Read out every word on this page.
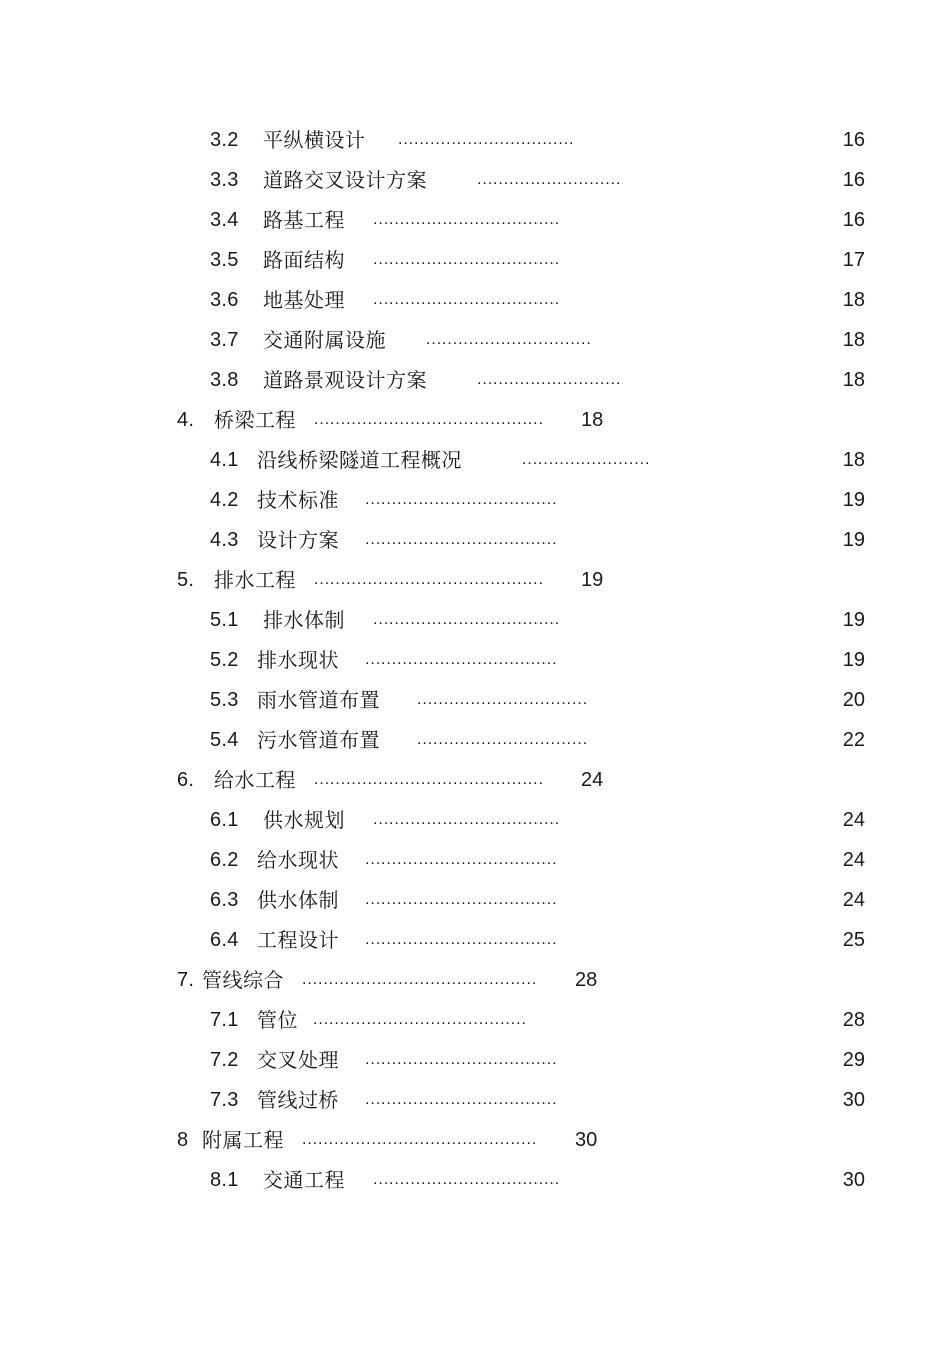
3.2 平纵横设计 .................................	16
3.3 道路交叉设计方案	...........................	16
3.4 路基工程 ...................................	16
3.5 路面结构 ...................................	17
3.6 地基处理 ...................................	18
3.7 交通附属设施	...............................	18
3.8 道路景观设计方案	...........................	18
4. 桥梁工程 ........................................... 18
4.1 沿线桥梁隧道工程概况	........................	18
4.2 技术标准 ....................................	19
4.3 设计方案 ....................................	19
5. 排水工程 ........................................... 19
5.1 排水体制 ...................................	19
5.2 排水现状 ....................................	19
5.3 雨水管道布置 ................................	20
5.4 污水管道布置 ................................	22
6. 给水工程 ........................................... 24
6.1 供水规划 ...................................	24
6.2 给水现状 ....................................	24
6.3 供水体制 ....................................	24
6.4 工程设计 ....................................	25
7. 管线综合 ............................................ 28
7.1 管位 ........................................	28
7.2 交叉处理 ....................................	29
7.3 管线过桥 ....................................	30
8 附属工程 ............................................ 30
8.1 交通工程 ...................................	30
